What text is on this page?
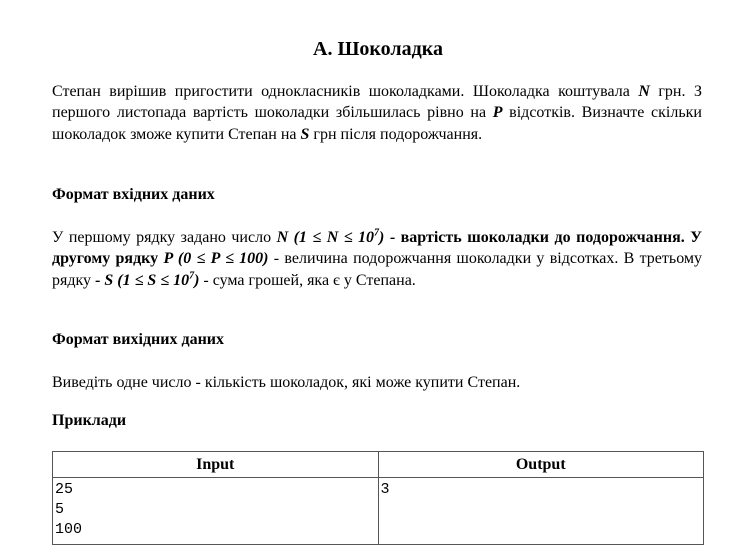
A. Шоколадка
Степан вирішив пригостити однокласників шоколадками. Шоколадка коштувала N грн. З першого листопада вартість шоколадки збільшилась рівно на P відсотків. Визначте скільки шоколадок зможе купити Степан на S грн після подорожчання.
Формат вхідних даних
У першому рядку задано число N $(1 \le N \le 10^7)$ - вартість шоколадки до подорожчання. У другому рядку P (0 ≤ P ≤ 100) - величина подорожчання шоколадки у відсотках. В третьому рядку - S $(1 \le S \le 10^7)$ - сума грошей, яка є у Степана.
Формат вихідних даних
Виведіть одне число - кількість шоколадок, які може купити Степан.
Приклади
Input	Output
25
5
100	3
